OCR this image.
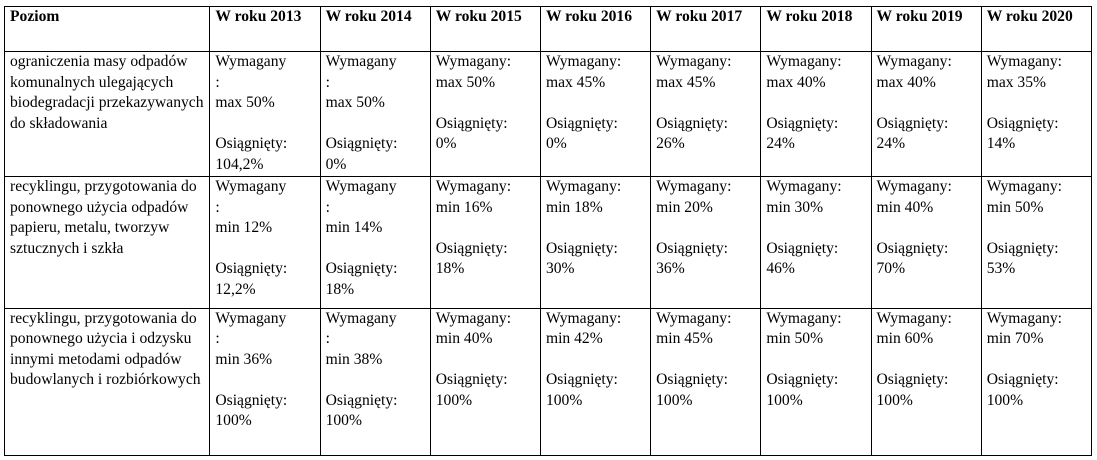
Poziom	W roku 2013	W roku 2014	W roku 2015	W roku 2016	W roku 2017	W roku 2018	W roku 2019	W roku 2020
ograniczenia masy odpadów komunalnych ulegających biodegradacji przekazywanych do składowania	Wymagany
:
max 50%
Osiągnięty:
104,2%	Wymagany
:
max 50%
Osiągnięty:
0%	Wymagany:
max 50%
Osiągnięty:
0%	Wymagany:
max 45%
Osiągnięty:
0%	Wymagany:
max 45%
Osiągnięty:
26%	Wymagany:
max 40%
Osiągnięty:
24%	Wymagany:
max 40%
Osiągnięty:
24%	Wymagany:
max 35%
Osiągnięty:
14%

recyklingu, przygotowania do ponownego użycia odpadów papieru, metalu, tworzyw sztucznych i szkła	Wymagany
:
min 12%
Osiągnięty:
12,2%	Wymagany
:
min 14%
Osiągnięty:
18%	Wymagany:
min 16%
Osiągnięty:
18%	Wymagany:
min 18%
Osiągnięty:
30%	Wymagany:
min 20%
Osiągnięty:
36%	Wymagany:
min 30%
Osiągnięty:
46%	Wymagany:
min 40%
Osiągnięty:
70%	Wymagany:
min 50%
Osiągnięty:
53%

recyklingu, przygotowania do ponownego użycia i odzysku innymi metodami odpadów budowlanych i rozbiórkowych	Wymagany
:
min 36%
Osiągnięty:
100%	Wymagany
:
min 38%
Osiągnięty:
100%	Wymagany:
min 40%
Osiągnięty:
100%	Wymagany:
min 42%
Osiągnięty:
100%	Wymagany:
min 45%
Osiągnięty:
100%	Wymagany:
min 50%
Osiągnięty:
100%	Wymagany:
min 60%
Osiągnięty:
100%	Wymagany:
min 70%
Osiągnięty:
100%
